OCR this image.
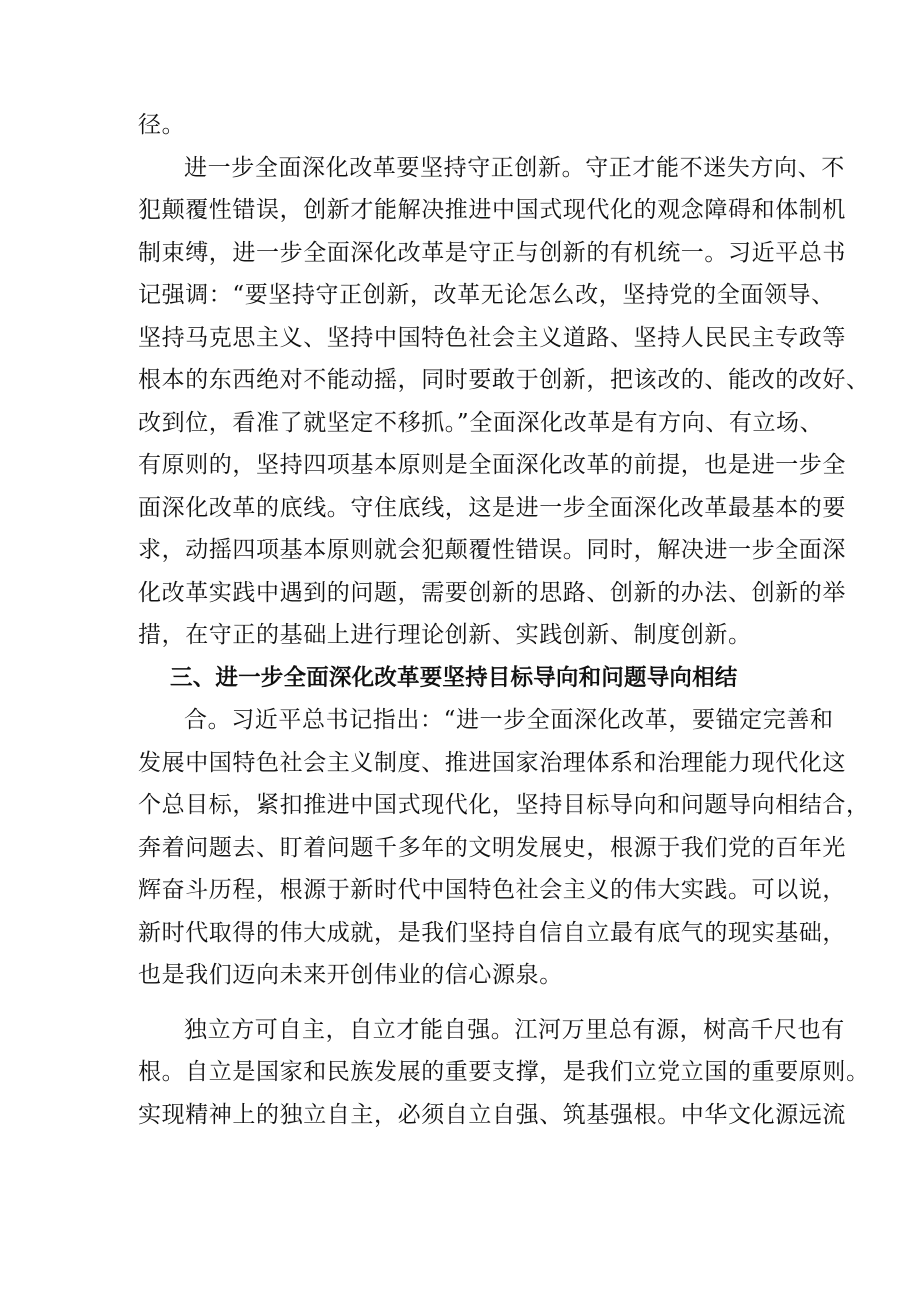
径。

进一步全面深化改革要坚持守正创新。守正才能不迷失方向、不
犯颠覆性错误，创新才能解决推进中国式现代化的观念障碍和体制机
制束缚，进一步全面深化改革是守正与创新的有机统一。习近平总书
记强调：“要坚持守正创新，改革无论怎么改，坚持党的全面领导、
坚持马克思主义、坚持中国特色社会主义道路、坚持人民民主专政等
根本的东西绝对不能动摇，同时要敢于创新，把该改的、能改的改好、
改到位，看准了就坚定不移抓。”全面深化改革是有方向、有立场、
有原则的，坚持四项基本原则是全面深化改革的前提，也是进一步全
面深化改革的底线。守住底线，这是进一步全面深化改革最基本的要
求，动摇四项基本原则就会犯颠覆性错误。同时，解决进一步全面深
化改革实践中遇到的问题，需要创新的思路、创新的办法、创新的举
措，在守正的基础上进行理论创新、实践创新、制度创新。

三、进一步全面深化改革要坚持目标导向和问题导向相结

合。习近平总书记指出：“进一步全面深化改革，要锚定完善和
发展中国特色社会主义制度、推进国家治理体系和治理能力现代化这
个总目标，紧扣推进中国式现代化，坚持目标导向和问题导向相结合，
奔着问题去、盯着问题千多年的文明发展史，根源于我们党的百年光
辉奋斗历程，根源于新时代中国特色社会主义的伟大实践。可以说，
新时代取得的伟大成就，是我们坚持自信自立最有底气的现实基础，
也是我们迈向未来开创伟业的信心源泉。

独立方可自主，自立才能自强。江河万里总有源，树高千尺也有
根。自立是国家和民族发展的重要支撑，是我们立党立国的重要原则。
实现精神上的独立自主，必须自立自强、筑基强根。中华文化源远流
